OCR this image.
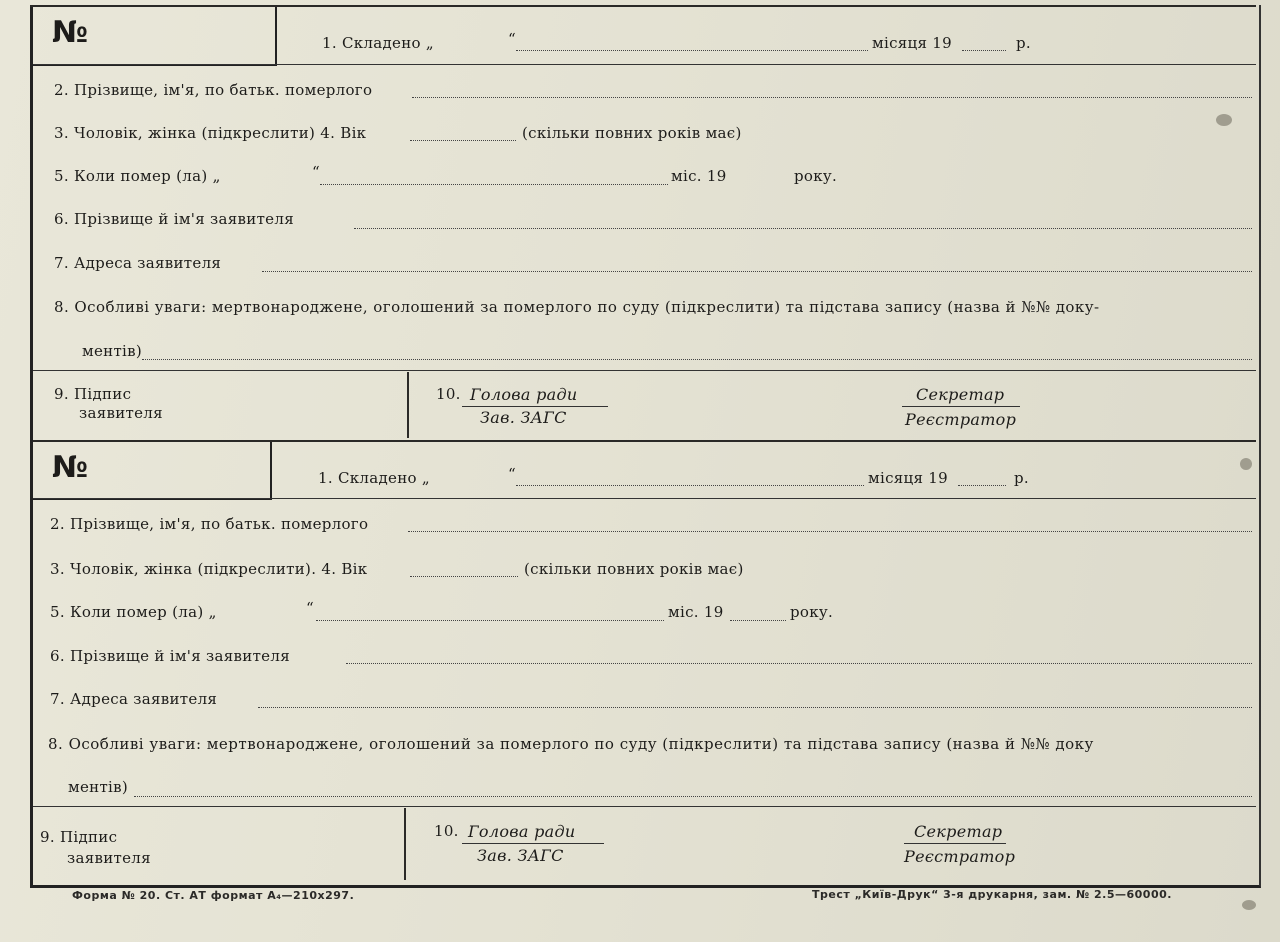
№	1. Складено „	“	місяця 19	р.
2. Прізвище, ім'я, по батьк. померлого
3. Чоловік, жінка (підкреслити) 4. Вік	(скільки повних років має)
5. Коли помер (ла) „	“	міс. 19	року.
6. Прізвище й ім'я заявителя
7. Адреса заявителя
8. Особливі уваги: мертвонароджене, оголошений за померлого по суду (підкреслити) та підстава запису (назва й №№ доку-
ментів)
9. Підпис
заявителя
10. Голова ради
Зав. ЗАГС
Секретар
Реєстратор
№	1. Складено „	“	місяця 19	р.
2. Прізвище, ім'я, по батьк. померлого
3. Чоловік, жінка (підкреслити). 4. Вік	(скільки повних років має)
5. Коли помер (ла) „	“	міс. 19	року.
6. Прізвище й ім'я заявителя
7. Адреса заявителя
8. Особливі уваги: мертвонароджене, оголошений за померлого по суду (підкреслити) та підстава запису (назва й №№ доку
ментів)
9. Підпис
заявителя
10. Голова ради
Зав. ЗАГС
Секретар
Реєстратор
Форма № 20. Ст. АТ формат А₄—210х297.	Трест „Київ-Друк“ 3-я друкарня, зам. № 2.5—60000.
